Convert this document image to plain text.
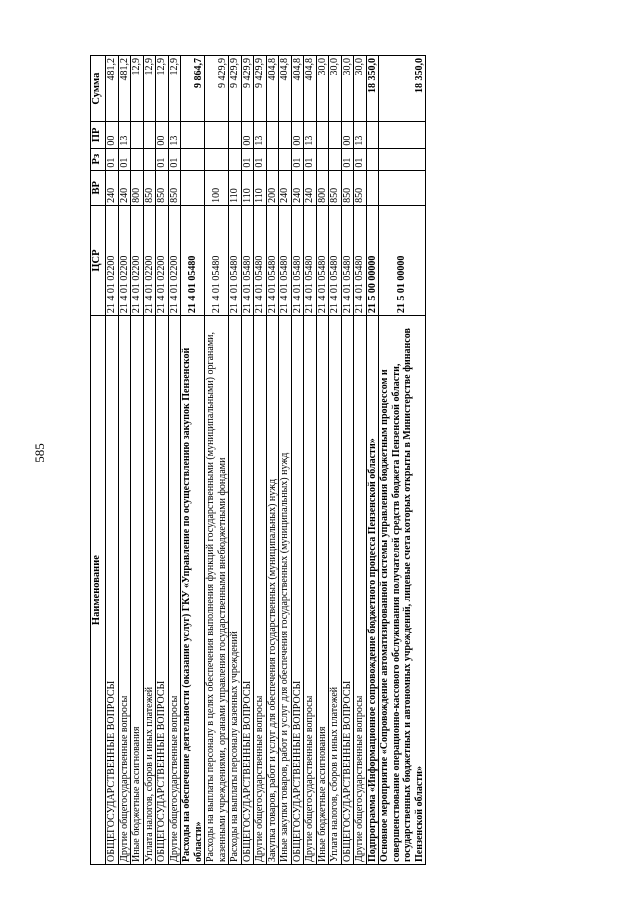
585
Наименование	ЦСР	ВР	Рз	ПР	Сумма
ОБЩЕГОСУДАРСТВЕННЫЕ ВОПРОСЫ	21 4 01 02200	240	01	00	481,2
Другие общегосударственные вопросы	21 4 01 02200	240	01	13	481,2
Иные бюджетные ассигнования	21 4 01 02200	800			12,9
Уплата налогов, сборов и иных платежей	21 4 01 02200	850			12,9
ОБЩЕГОСУДАРСТВЕННЫЕ ВОПРОСЫ	21 4 01 02200	850	01	00	12,9
Другие общегосударственные вопросы	21 4 01 02200	850	01	13	12,9
Расходы на обеспечение деятельности (оказание услуг) ГКУ «Управление по осуществлению закупок Пензенской области»	21 4 01 05480				9 864,7
Расходы на выплаты персоналу в целях обеспечения выполнения функций государственными (муниципальными) органами, казенными учреждениями, органами управления государственными внебюджетными фондами	21 4 01 05480	100			9 429,9
Расходы на выплаты персоналу казенных учреждений	21 4 01 05480	110			9 429,9
ОБЩЕГОСУДАРСТВЕННЫЕ ВОПРОСЫ	21 4 01 05480	110	01	00	9 429,9
Другие общегосударственные вопросы	21 4 01 05480	110	01	13	9 429,9
Закупка товаров, работ и услуг для обеспечения государственных (муниципальных) нужд	21 4 01 05480	200			404,8
Иные закупки товаров, работ и услуг для обеспечения государственных (муниципальных) нужд	21 4 01 05480	240			404,8
ОБЩЕГОСУДАРСТВЕННЫЕ ВОПРОСЫ	21 4 01 05480	240	01	00	404,8
Другие общегосударственные вопросы	21 4 01 05480	240	01	13	404,8
Иные бюджетные ассигнования	21 4 01 05480	800			30,0
Уплата налогов, сборов и иных платежей	21 4 01 05480	850			30,0
ОБЩЕГОСУДАРСТВЕННЫЕ ВОПРОСЫ	21 4 01 05480	850	01	00	30,0
Другие общегосударственные вопросы	21 4 01 05480	850	01	13	30,0
Подпрограмма «Информационное сопровождение бюджетного процесса Пензенской области»	21 5 00 00000				18 350,0
Основное мероприятие «Сопровождение автоматизированной системы управления бюджетным процессом и совершенствование операционно-кассового обслуживания получателей средств бюджета Пензенской области, государственных бюджетных и автономных учреждений, лицевые счета которых открыты в Министерстве финансов Пензенской области»	21 5 01 00000				18 350,0
